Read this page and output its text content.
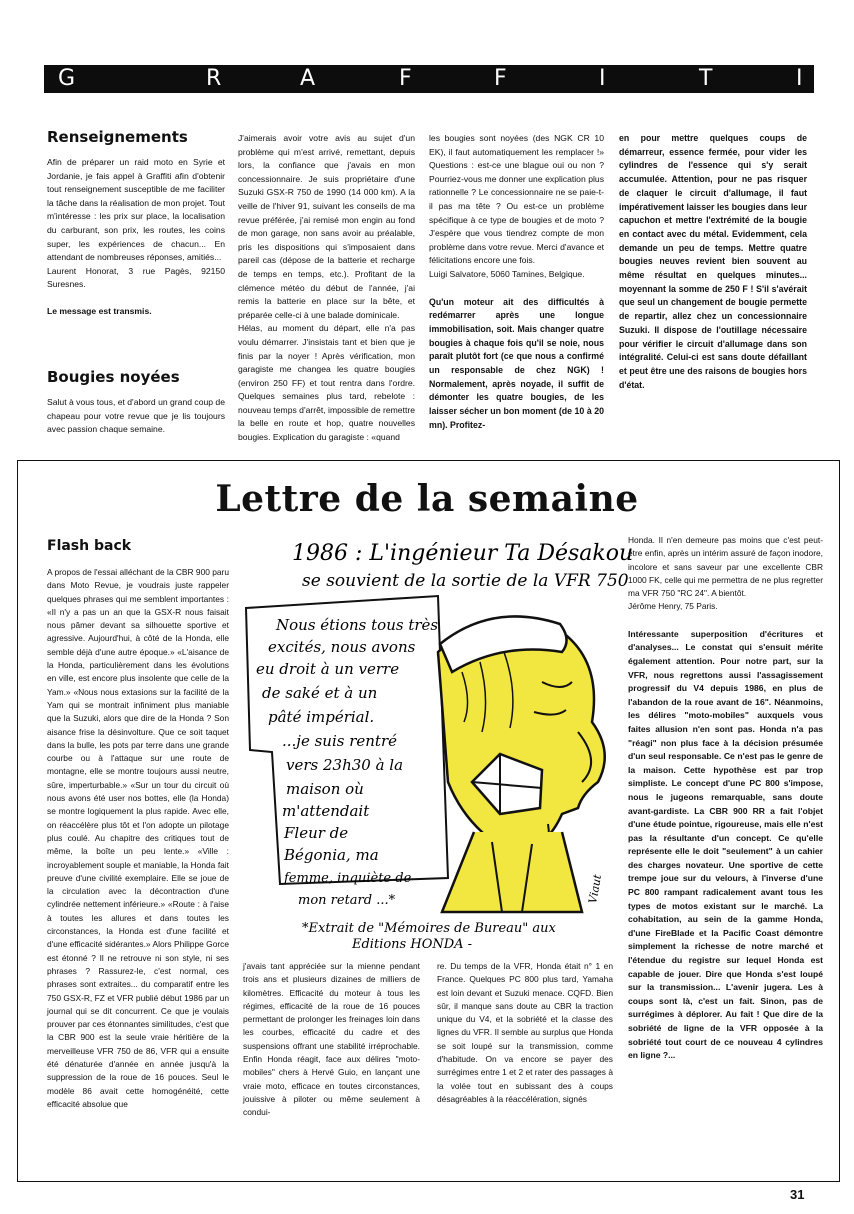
G	R	A	F	F	I	T	I
Renseignements

Afin de préparer un raid moto en Syrie et Jordanie, je fais appel à Graffiti afin d'obtenir tout renseignement susceptible de me faciliter la tâche dans la réalisation de mon projet. Tout m'intéresse : les prix sur place, la localisation du carburant, son prix, les routes, les coins super, les expériences de chacun... En attendant de nombreuses réponses, amitiés...

Laurent Honorat, 3 rue Pagès, 92150 Suresnes.

Le message est transmis.

Bougies noyées

Salut à vous tous, et d'abord un grand coup de chapeau pour votre revue que je lis toujours avec passion chaque semaine.

J'aimerais avoir votre avis au sujet d'un problème qui m'est arrivé, remettant, depuis lors, la confiance que j'avais en mon concessionnaire. Je suis propriétaire d'une Suzuki GSX-R 750 de 1990 (14 000 km). A la veille de l'hiver 91, suivant les conseils de ma revue préférée, j'ai remisé mon engin au fond de mon garage, non sans avoir au préalable, pris les dispositions qui s'imposaient dans pareil cas (dépose de la batterie et recharge de temps en temps, etc.). Profitant de la clémence météo du début de l'année, j'ai remis la batterie en place sur la bête, et préparée celle-ci à une balade dominicale.

Hélas, au moment du départ, elle n'a pas voulu démarrer. J'insistais tant et bien que je finis par la noyer ! Après vérification, mon garagiste me changea les quatre bougies (environ 250 FF) et tout rentra dans l'ordre. Quelques semaines plus tard, rebelote : nouveau temps d'arrêt, impossible de remettre la belle en route et hop, quatre nouvelles bougies. Explication du garagiste : «quand

les bougies sont noyées (des NGK CR 10 EK), il faut automatiquement les remplacer !» Questions : est-ce une blague oui ou non ? Pourriez-vous me donner une explication plus rationnelle ? Le concessionnaire ne se paie-t-il pas ma tête ? Ou est-ce un problème spécifique à ce type de bougies et de moto ? J'espère que vous tiendrez compte de mon problème dans votre revue. Merci d'avance et félicitations encore une fois.

Luigi Salvatore, 5060 Tamines, Belgique.

Qu'un moteur ait des difficultés à redémarrer après une longue immobilisation, soit. Mais changer quatre bougies à chaque fois qu'il se noie, nous paraît plutôt fort (ce que nous a confirmé un responsable de chez NGK) ! Normalement, après noyade, il suffit de démonter les quatre bougies, de les laisser sécher un bon moment (de 10 à 20 mn). Profitez-

en pour mettre quelques coups de démarreur, essence fermée, pour vider les cylindres de l'essence qui s'y serait accumulée. Attention, pour ne pas risquer de claquer le circuit d'allumage, il faut impérativement laisser les bougies dans leur capuchon et mettre l'extrémité de la bougie en contact avec du métal. Evidemment, cela demande un peu de temps. Mettre quatre bougies neuves revient bien souvent au même résultat en quelques minutes... moyennant la somme de 250 F ! S'il s'avérait que seul un changement de bougie permette de repartir, allez chez un concessionnaire Suzuki. Il dispose de l'outillage nécessaire pour vérifier le circuit d'allumage dans son intégralité. Celui-ci est sans doute défaillant et peut être une des raisons de bougies hors d'état.

Lettre de la semaine
Flash back

A propos de l'essai alléchant de la CBR 900 paru dans Moto Revue, je voudrais juste rappeler quelques phrases qui me semblent importantes : «Il n'y a pas un an que la GSX-R nous faisait nous pâmer devant sa silhouette sportive et agressive. Aujourd'hui, à côté de la Honda, elle semble déjà d'une autre époque.» «L'aisance de la Honda, particulièrement dans les évolutions en ville, est encore plus insolente que celle de la Yam.» «Nous nous extasions sur la facilité de la Yam qui se montrait infiniment plus maniable que la Suzuki, alors que dire de la Honda ? Son aisance frise la désinvolture. Que ce soit taquet dans la bulle, les pots par terre dans une grande courbe ou à l'attaque sur une route de montagne, elle se montre toujours aussi neutre, sûre, imperturbable.» «Sur un tour du circuit où nous avons été user nos bottes, elle (la Honda) se montre logiquement la plus rapide. Avec elle, on réaccélère plus tôt et l'on adopte un pilotage plus coulé. Au chapitre des critiques tout de même, la boîte un peu lente.» «Ville : incroyablement souple et maniable, la Honda fait preuve d'une civilité exemplaire. Elle se joue de la circulation avec la décontraction d'une cylindrée nettement inférieure.» «Route : à l'aise à toutes les allures et dans toutes les circonstances, la Honda est d'une facilité et d'une efficacité sidérantes.» Alors Philippe Gorce est étonné ? Il ne retrouve ni son style, ni ses phrases ? Rassurez-le, c'est normal, ces phrases sont extraites... du comparatif entre les 750 GSX-R, FZ et VFR publié début 1986 par un journal qui se dit concurrent. Ce que je voulais prouver par ces étonnantes similitudes, c'est que la CBR 900 est la seule vraie héritière de la merveilleuse VFR 750 de 86, VFR qui a ensuite été dénaturée d'année en année jusqu'à la suppression de la roue de 16 pouces. Seul le modèle 86 avait cette homogénéité, cette efficacité absolue que

1986 : L'ingénieur Ta Désakou
se souvient de la sortie de la VFR 750
Viaut
Nous étions tous très
excités, nous avons
eu droit à un verre
de saké et à un
pâté impérial.
...je suis rentré
vers 23h30 à la
maison où
m'attendait
Fleur de
Bégonia, ma
femme, inquiète de
mon retard ...*
*Extrait de "Mémoires de Bureau" aux
Editions HONDA -

j'avais tant appréciée sur la mienne pendant trois ans et plusieurs dizaines de milliers de kilomètres. Efficacité du moteur à tous les régimes, efficacité de la roue de 16 pouces permettant de prolonger les freinages loin dans les courbes, efficacité du cadre et des suspensions offrant une stabilité irréprochable. Enfin Honda réagit, face aux délires "moto-mobiles" chers à Hervé Guio, en lançant une vraie moto, efficace en toutes circonstances, jouissive à piloter ou même seulement à condui-

re. Du temps de la VFR, Honda était n° 1 en France. Quelques PC 800 plus tard, Yamaha est loin devant et Suzuki menace. CQFD. Bien sûr, il manque sans doute au CBR la traction unique du V4, et la sobriété et la classe des lignes du VFR. Il semble au surplus que Honda se soit loupé sur la transmission, comme d'habitude. On va encore se payer des surrégimes entre 1 et 2 et rater des passages à la volée tout en subissant des à coups désagréables à la réaccélération, signés

Honda. Il n'en demeure pas moins que c'est peut-être enfin, après un intérim assuré de façon inodore, incolore et sans saveur par une excellente CBR 1000 FK, celle qui me permettra de ne plus regretter ma VFR 750 "RC 24". A bientôt.

Jérôme Henry, 75 Paris.

Intéressante superposition d'écritures et d'analyses... Le constat qui s'ensuit mérite également attention. Pour notre part, sur la VFR, nous regrettons aussi l'assagissement progressif du V4 depuis 1986, en plus de l'abandon de la roue avant de 16". Néanmoins, les délires "moto-mobiles" auxquels vous faites allusion n'en sont pas. Honda n'a pas "réagi" non plus face à la décision présumée d'un seul responsable. Ce n'est pas le genre de la maison. Cette hypothèse est par trop simpliste. Le concept d'une PC 800 s'impose, nous le jugeons remarquable, sans doute avant-gardiste. La CBR 900 RR a fait l'objet d'une étude pointue, rigoureuse, mais elle n'est pas la résultante d'un concept. Ce qu'elle représente elle le doit "seulement" à un cahier des charges novateur. Une sportive de cette trempe joue sur du velours, à l'inverse d'une PC 800 rampant radicalement avant tous les types de motos existant sur le marché. La cohabitation, au sein de la gamme Honda, d'une FireBlade et la Pacific Coast démontre simplement la richesse de notre marché et l'étendue du registre sur lequel Honda est capable de jouer. Dire que Honda s'est loupé sur la transmission... L'avenir jugera. Les à coups sont là, c'est un fait. Sinon, pas de surrégimes à déplorer. Au fait ! Que dire de la sobriété de ligne de la VFR opposée à la sobriété tout court de ce nouveau 4 cylindres en ligne ?...

31
